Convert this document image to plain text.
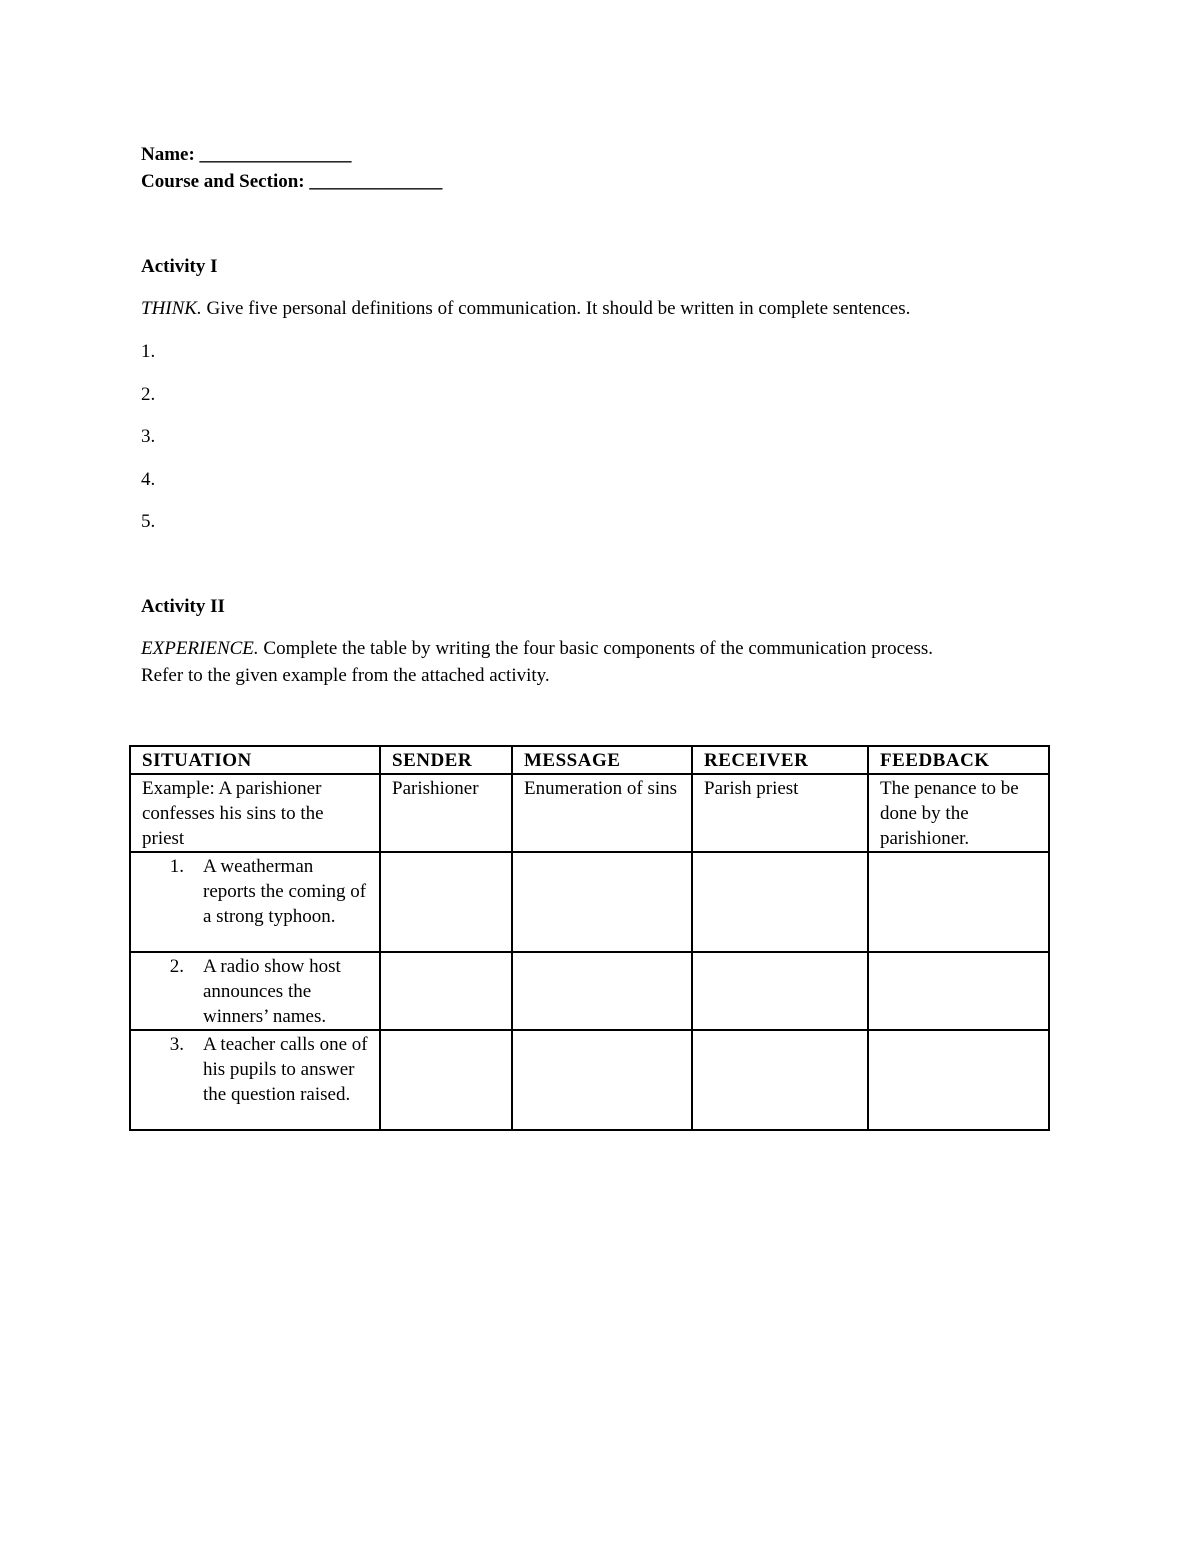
Name: ________________
Course and Section: ______________
Activity I
THINK. Give five personal definitions of communication. It should be written in complete sentences.
1.
2.
3.
4.
5.
Activity II
EXPERIENCE. Complete the table by writing the four basic components of the communication process.
Refer to the given example from the attached activity.
SITUATION	SENDER	MESSAGE	RECEIVER	FEEDBACK
Example: A parishioner confesses his sins to the priest	Parishioner	Enumeration of sins	Parish priest	The penance to be done by the parishioner.

1. A weatherman reports the coming of a strong typhoon.				

2. A radio show host announces the winners’ names.				

3. A teacher calls one of his pupils to answer the question raised.				
